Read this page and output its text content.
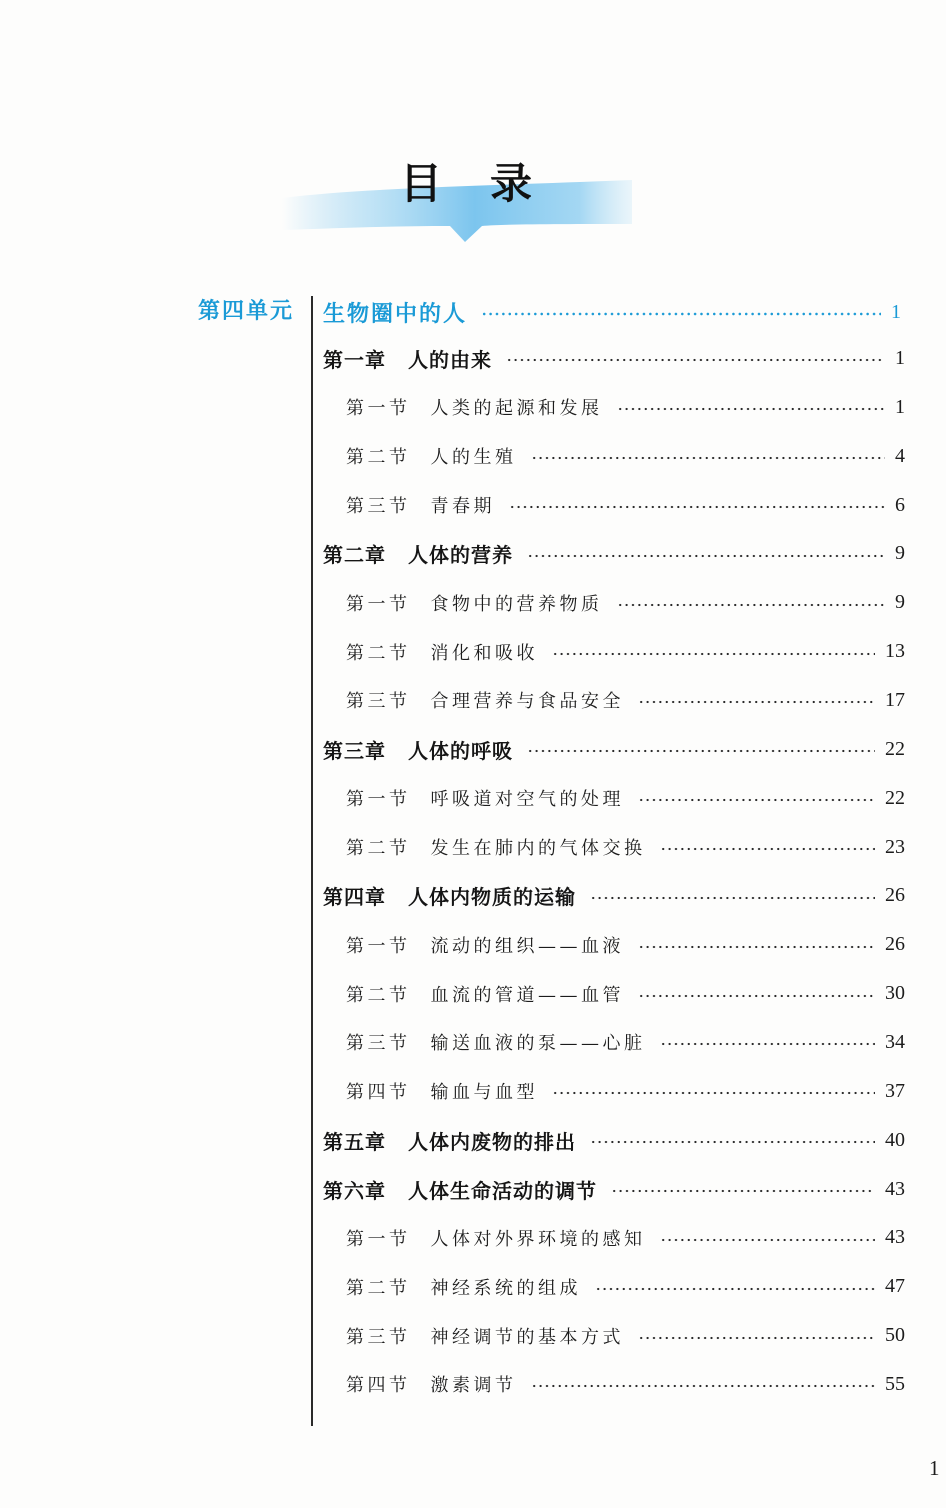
目录
第四单元 生物圈中的人	1
第一章 人的由来	1
第一节 人类的起源和发展	1
第二节 人的生殖	4
第三节 青春期	6
第二章 人体的营养	9
第一节 食物中的营养物质	9
第二节 消化和吸收	13
第三节 合理营养与食品安全	17
第三章 人体的呼吸	22
第一节 呼吸道对空气的处理	22
第二节 发生在肺内的气体交换	23
第四章 人体内物质的运输	26
第一节 流动的组织——血液	26
第二节 血流的管道——血管	30
第三节 输送血液的泵——心脏	34
第四节 输血与血型	37
第五章 人体内废物的排出	40
第六章 人体生命活动的调节	43
第一节 人体对外界环境的感知	43
第二节 神经系统的组成	47
第三节 神经调节的基本方式	50
第四节 激素调节	55
1
